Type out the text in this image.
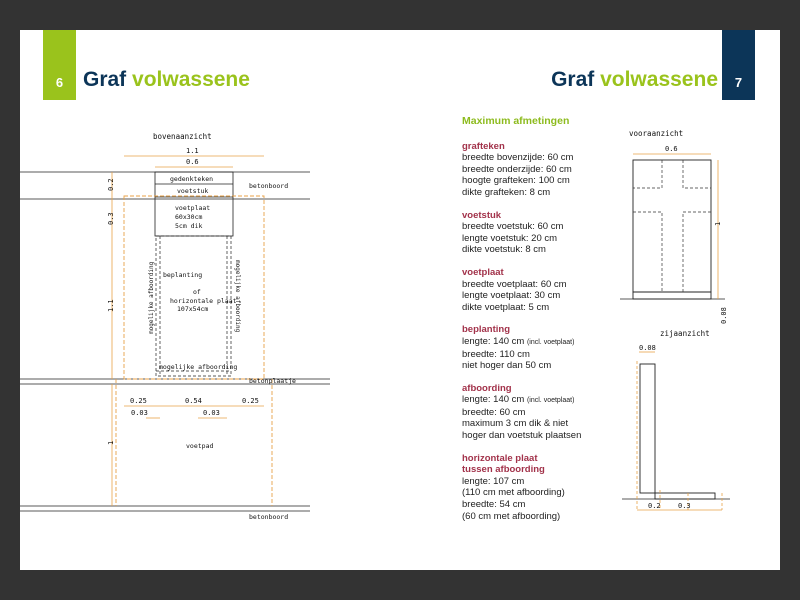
6 Graf volwassene
bovenaanzicht
1.1
0.6
gedenkteken
voetstuk
voetplaat
60x30cm
5cm dik
beplanting
of
horizontale plaat
107x54cm
mogelijke afboording	mogelijke afboording
mogelijke afboording
betonboord
betonplaatje
betonboord
0.2
0.3
1.1
1
0.25	0.54	0.25
0.03	0.03
voetpad
7
Graf volwassene
Maximum afmetingen
grafteken
breedte bovenzijde: 60 cm
breedte onderzijde: 60 cm
hoogte grafteken: 100 cm
dikte grafteken: 8 cm
voetstuk
breedte voetstuk: 60 cm
lengte voetstuk: 20 cm
dikte voetstuk: 8 cm
voetplaat
breedte voetplaat: 60 cm
lengte voetplaat: 30 cm
dikte voetplaat: 5 cm
beplanting
lengte: 140 cm (incl. voetplaat)
breedte: 110 cm
niet hoger dan 50 cm
afboording
lengte: 140 cm (incl. voetplaat)
breedte: 60 cm
maximum 3 cm dik & niet
hoger dan voetstuk plaatsen
horizontale plaat
tussen afboording
lengte: 107 cm
(110 cm met afboording)
breedte: 54 cm
(60 cm met afboording)
vooraanzicht
0.6
1
0.08
zijaanzicht
0.08
0.2 0.3
